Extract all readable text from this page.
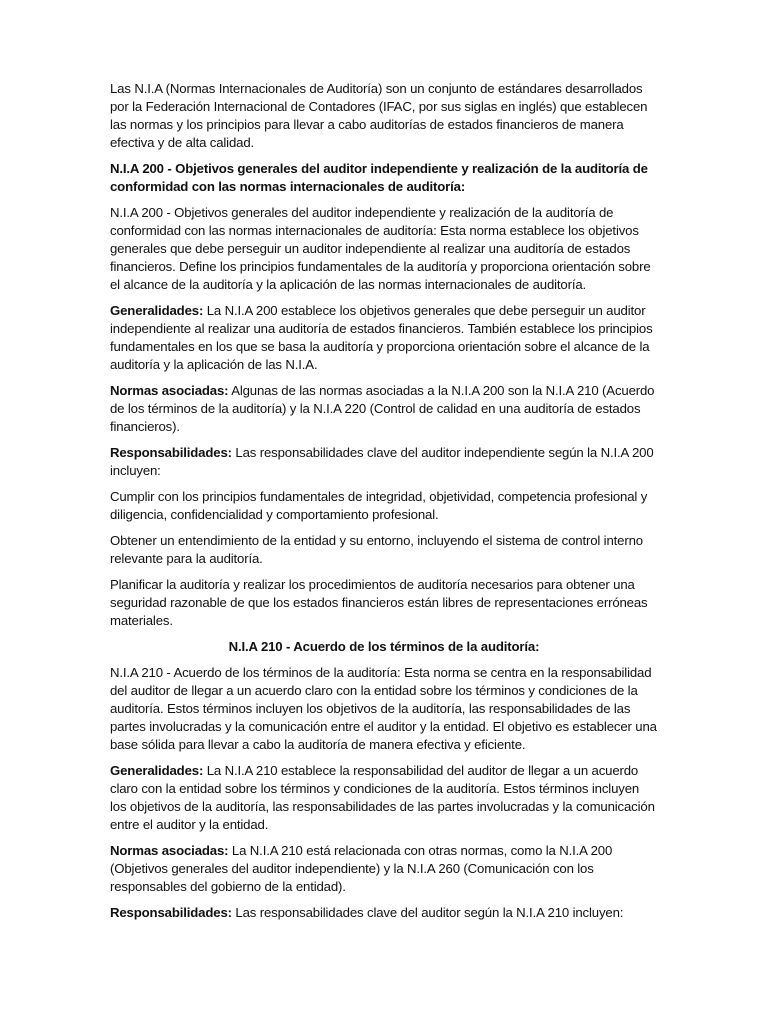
Las N.I.A (Normas Internacionales de Auditoría) son un conjunto de estándares desarrollados por la Federación Internacional de Contadores (IFAC, por sus siglas en inglés) que establecen las normas y los principios para llevar a cabo auditorías de estados financieros de manera efectiva y de alta calidad.

N.I.A 200 - Objetivos generales del auditor independiente y realización de la auditoría de conformidad con las normas internacionales de auditoría:

N.I.A 200 - Objetivos generales del auditor independiente y realización de la auditoría de conformidad con las normas internacionales de auditoría: Esta norma establece los objetivos generales que debe perseguir un auditor independiente al realizar una auditoría de estados financieros. Define los principios fundamentales de la auditoría y proporciona orientación sobre el alcance de la auditoría y la aplicación de las normas internacionales de auditoría.

Generalidades: La N.I.A 200 establece los objetivos generales que debe perseguir un auditor independiente al realizar una auditoría de estados financieros. También establece los principios fundamentales en los que se basa la auditoría y proporciona orientación sobre el alcance de la auditoría y la aplicación de las N.I.A.

Normas asociadas: Algunas de las normas asociadas a la N.I.A 200 son la N.I.A 210 (Acuerdo de los términos de la auditoría) y la N.I.A 220 (Control de calidad en una auditoría de estados financieros).

Responsabilidades: Las responsabilidades clave del auditor independiente según la N.I.A 200 incluyen:

Cumplir con los principios fundamentales de integridad, objetividad, competencia profesional y diligencia, confidencialidad y comportamiento profesional.

Obtener un entendimiento de la entidad y su entorno, incluyendo el sistema de control interno relevante para la auditoría.

Planificar la auditoría y realizar los procedimientos de auditoría necesarios para obtener una seguridad razonable de que los estados financieros están libres de representaciones erróneas materiales.

N.I.A 210 - Acuerdo de los términos de la auditoría:

N.I.A 210 - Acuerdo de los términos de la auditoría: Esta norma se centra en la responsabilidad del auditor de llegar a un acuerdo claro con la entidad sobre los términos y condiciones de la auditoría. Estos términos incluyen los objetivos de la auditoría, las responsabilidades de las partes involucradas y la comunicación entre el auditor y la entidad. El objetivo es establecer una base sólida para llevar a cabo la auditoría de manera efectiva y eficiente.

Generalidades: La N.I.A 210 establece la responsabilidad del auditor de llegar a un acuerdo claro con la entidad sobre los términos y condiciones de la auditoría. Estos términos incluyen los objetivos de la auditoría, las responsabilidades de las partes involucradas y la comunicación entre el auditor y la entidad.

Normas asociadas: La N.I.A 210 está relacionada con otras normas, como la N.I.A 200 (Objetivos generales del auditor independiente) y la N.I.A 260 (Comunicación con los responsables del gobierno de la entidad).

Responsabilidades: Las responsabilidades clave del auditor según la N.I.A 210 incluyen:
